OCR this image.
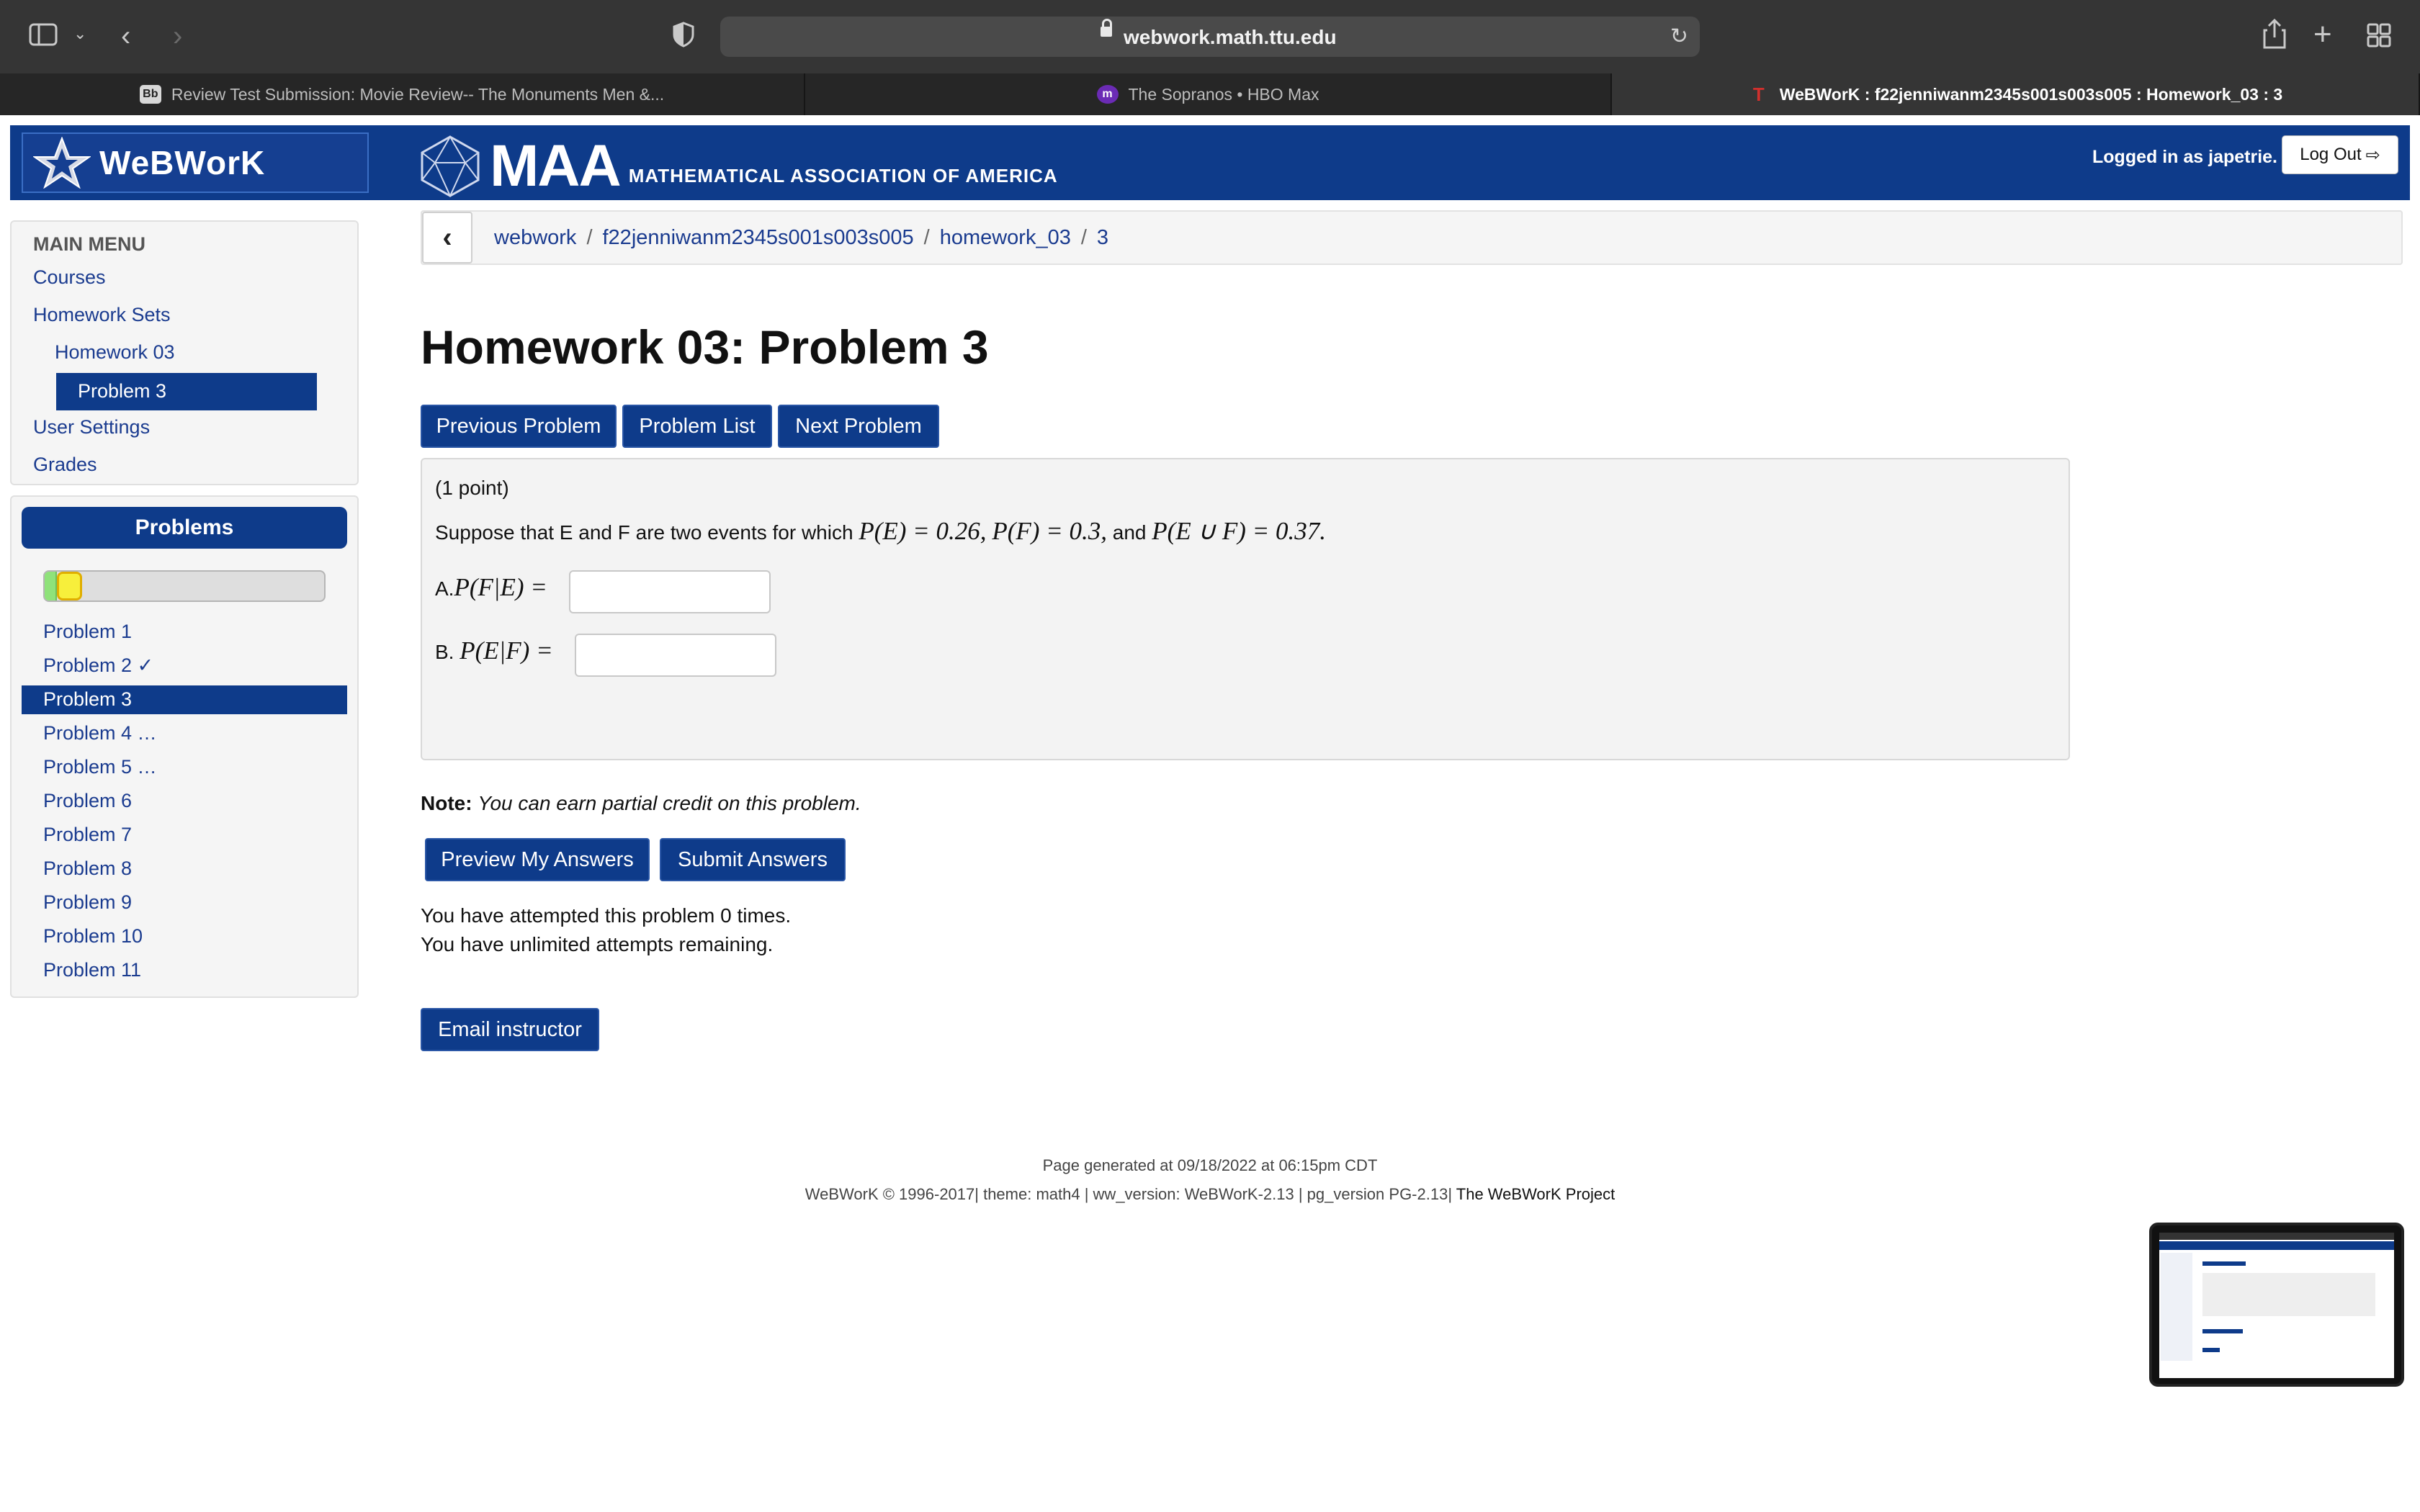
⌄ ‹ ›	webwork.math.ttu.edu	↻	+
Bb Review Test Submission: Movie Review-- The Monuments Men &...	m The Sopranos • HBO Max	T WeBWorK : f22jenniwanm2345s001s003s005 : Homework_03 : 3
WeBWorK	MAA MATHEMATICAL ASSOCIATION OF AMERICA
Logged in as japetrie. Log Out ⇨
MAIN MENU
Courses
Homework Sets
Homework 03
Problem 3
User Settings
Grades
Problems
Problem 1
Problem 2 ✓
Problem 3
Problem 4 …
Problem 5 …
Problem 6
Problem 7
Problem 8
Problem 9
Problem 10
Problem 11
‹ webwork / f22jenniwanm2345s001s003s005 / homework_03 / 3
Homework 03: Problem 3
Previous Problem	Problem List	Next Problem
(1 point)
Suppose that E and F are two events for which P(E) = 0.26, P(F) = 0.3, and P(E ∪ F) = 0.37.
A.P(F|E) =
B. P(E|F) =
Note: You can earn partial credit on this problem.
Preview My Answers	Submit Answers
You have attempted this problem 0 times.
You have unlimited attempts remaining.
Email instructor
Page generated at 09/18/2022 at 06:15pm CDT
WeBWorK © 1996-2017| theme: math4 | ww_version: WeBWorK-2.13 | pg_version PG-2.13| The WeBWorK Project
